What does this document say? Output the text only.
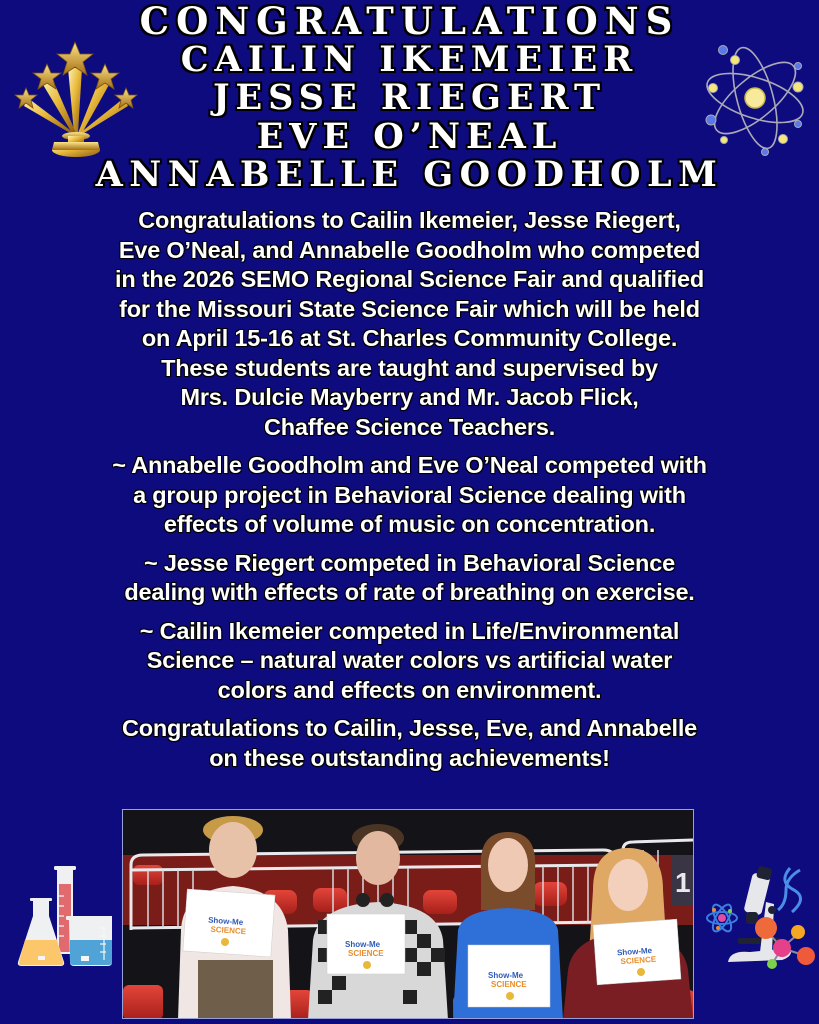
CONGRATULATIONS
CAILIN IKEMEIER
JESSE RIEGERT
EVE O’NEAL
ANNABELLE GOODHOLM
Congratulations to Cailin Ikemeier, Jesse Riegert,
Eve O’Neal, and Annabelle Goodholm who competed
in the 2026 SEMO Regional Science Fair and qualified
for the Missouri State Science Fair which will be held
on April 15-16 at St. Charles Community College.
These students are taught and supervised by
Mrs. Dulcie Mayberry and Mr. Jacob Flick,
Chaffee Science Teachers.
~ Annabelle Goodholm and Eve O’Neal competed with
a group project in Behavioral Science dealing with
effects of volume of music on concentration.
~ Jesse Riegert competed in Behavioral Science
dealing with effects of rate of breathing on exercise.
~ Cailin Ikemeier competed in Life/Environmental
Science – natural water colors vs artificial water
colors and effects on environment.
Congratulations to Cailin, Jesse, Eve, and Annabelle
on these outstanding achievements!
1
Show-Me
SCIENCE
Show-Me
SCIENCE
Show-Me
SCIENCE
Show-Me
SCIENCE
